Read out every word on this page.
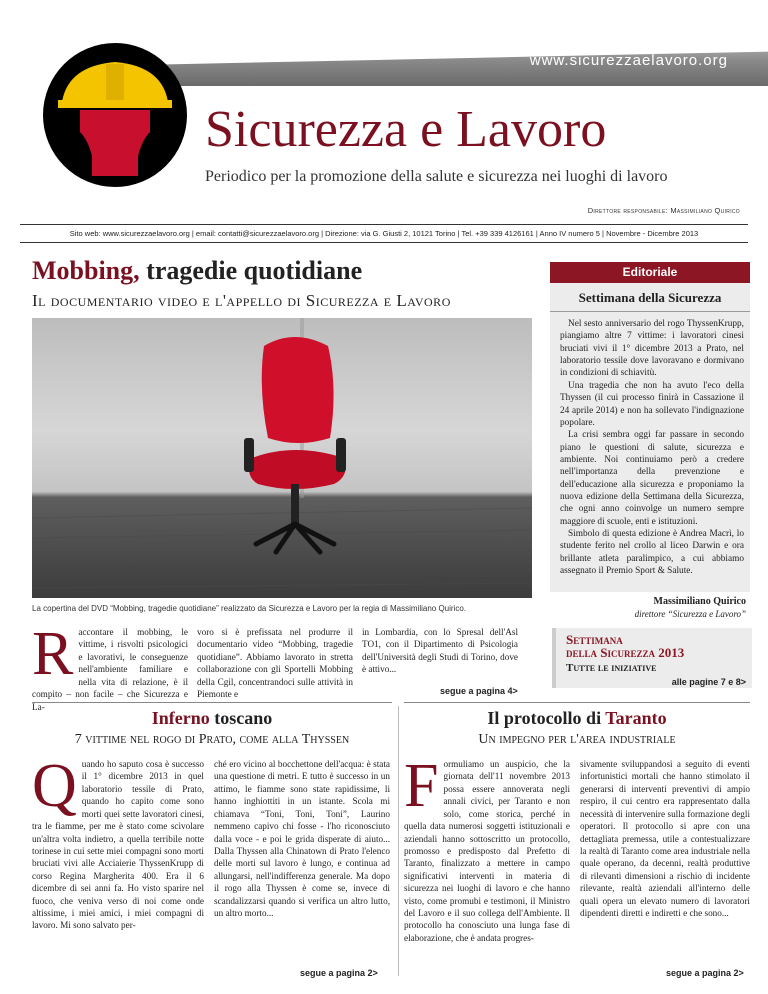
www.sicurezzaelavoro.org
Sicurezza e Lavoro
Periodico per la promozione della salute e sicurezza nei luoghi di lavoro
Direttore responsabile: Massimiliano Quirico
Sito web: www.sicurezzaelavoro.org | email: contatti@sicurezzaelavoro.org | Direzione: via G. Giusti 2, 10121 Torino | Tel. +39 339 4126161 | Anno IV numero 5 | Novembre - Dicembre 2013
Mobbing, tragedie quotidiane
Il documentario video e l'appello di Sicurezza e Lavoro
La copertina del DVD “Mobbing, tragedie quotidiane” realizzato da Sicurezza e Lavoro per la regia di Massimiliano Quirico.
Raccontare il mobbing, le vittime, i risvolti psicologici e lavorativi, le conseguenze nell'ambiente familiare e nella vita di relazione, è il compito – non facile – che Sicurezza e La-
voro si è prefissata nel produrre il documentario video “Mobbing, tragedie quotidiane”. Abbiamo lavorato in stretta collaborazione con gli Sportelli Mobbing della Cgil, concentrandoci sulle attività in Piemonte e
in Lombardia, con lo Spresal dell'Asl TO1, con il Dipartimento di Psicologia dell'Università degli Studi di Torino, dove è attivo...
segue a pagina 4>
Editoriale
Settimana della Sicurezza

Nel sesto anniversario del rogo ThyssenKrupp, piangiamo altre 7 vittime: i lavoratori cinesi bruciati vivi il 1° dicembre 2013 a Prato, nel laboratorio tessile dove lavoravano e dormivano in condizioni di schiavitù.

Una tragedia che non ha avuto l'eco della Thyssen (il cui processo finirà in Cassazione il 24 aprile 2014) e non ha sollevato l'indignazione popolare.

La crisi sembra oggi far passare in secondo piano le questioni di salute, sicurezza e ambiente. Noi continuiamo però a credere nell'importanza della prevenzione e dell'educazione alla sicurezza e proponiamo la nuova edizione della Settimana della Sicurezza, che ogni anno coinvolge un numero sempre maggiore di scuole, enti e istituzioni.

Simbolo di questa edizione è Andrea Macrì, lo studente ferito nel crollo al liceo Darwin e ora brillante atleta paralimpico, a cui abbiamo assegnato il Premio Sport & Salute.

Massimiliano Quirico
direttore “Sicurezza e Lavoro”
Settimana
della Sicurezza 2013
Tutte le iniziative
alle pagine 7 e 8>
Inferno toscano
7 vittime nel rogo di Prato, come alla Thyssen
Quando ho saputo cosa è successo il 1° dicembre 2013 in quel laboratorio tessile di Prato, quando ho capito come sono morti quei sette lavoratori cinesi, tra le fiamme, per me è stato come scivolare un'altra volta indietro, a quella terribile notte torinese in cui sette miei compagni sono morti bruciati vivi alle Acciaierie ThyssenKrupp di corso Regina Margherita 400. Era il 6 dicembre di sei anni fa. Ho visto sparire nel fuoco, che veniva verso di noi come onde altissime, i miei amici, i miei compagni di lavoro. Mi sono salvato per-
ché ero vicino al bocchettone dell'acqua: è stata una questione di metri. E tutto è successo in un attimo, le fiamme sono state rapidissime, li hanno inghiottiti in un istante. Scola mi chiamava “Toni, Toni, Toni”, Laurino nemmeno capivo chi fosse - l'ho riconosciuto dalla voce - e poi le grida disperate di aiuto... Dalla Thyssen alla Chinatown di Prato l'elenco delle morti sul lavoro è lungo, e continua ad allungarsi, nell'indifferenza generale. Ma dopo il rogo alla Thyssen è come se, invece di scandalizzarsi quando si verifica un altro lutto, un altro morto...
segue a pagina 2>
Il protocollo di Taranto
Un impegno per l'area industriale
Formuliamo un auspicio, che la giornata dell'11 novembre 2013 possa essere annoverata negli annali civici, per Taranto e non solo, come storica, perché in quella data numerosi soggetti istituzionali e aziendali hanno sottoscritto un protocollo, promosso e predisposto dal Prefetto di Taranto, finalizzato a mettere in campo significativi interventi in materia di sicurezza nei luoghi di lavoro e che hanno visto, come promubi e testimoni, il Ministro del Lavoro e il suo collega dell'Ambiente. Il protocollo ha conosciuto una lunga fase di elaborazione, che è andata progres-
sivamente sviluppandosi a seguito di eventi infortunistici mortali che hanno stimolato il generarsi di interventi preventivi di ampio respiro, il cui centro era rappresentato dalla necessità di intervenire sulla formazione degli operatori. Il protocollo si apre con una dettagliata premessa, utile a contestualizzare la realtà di Taranto come area industriale nella quale operano, da decenni, realtà produttive di rilevanti dimensioni a rischio di incidente rilevante, realtà aziendali all'interno delle quali opera un elevato numero di lavoratori dipendenti diretti e indiretti e che sono...
segue a pagina 2>
